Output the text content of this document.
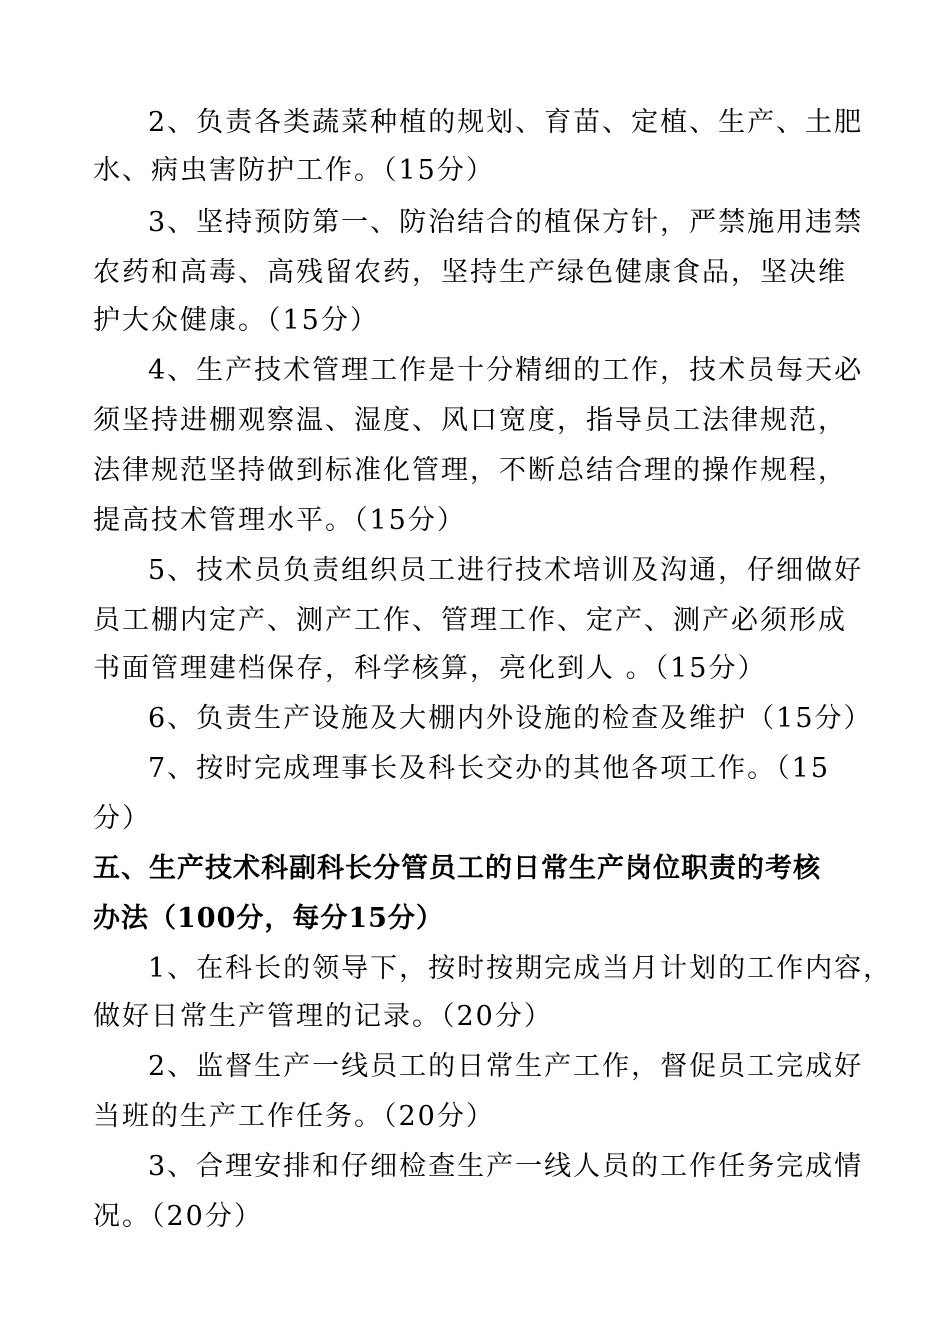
2、负责各类蔬菜种植的规划、育苗、定植、生产、土肥
水、病虫害防护工作。（15分）
3、坚持预防第一、防治结合的植保方针，严禁施用违禁
农药和高毒、高残留农药，坚持生产绿色健康食品，坚决维
护大众健康。（15分）
4、生产技术管理工作是十分精细的工作，技术员每天必
须坚持进棚观察温、湿度、风口宽度，指导员工法律规范，
法律规范坚持做到标准化管理，不断总结合理的操作规程，
提高技术管理水平。（15分）
5、技术员负责组织员工进行技术培训及沟通，仔细做好
员工棚内定产、测产工作、管理工作、定产、测产必须形成
书面管理建档保存，科学核算，亮化到人 。（15分）
6、负责生产设施及大棚内外设施的检查及维护（15分）
7、按时完成理事长及科长交办的其他各项工作。（15
分）
五、生产技术科副科长分管员工的日常生产岗位职责的考核
办法（100分，每分15分）
1、在科长的领导下，按时按期完成当月计划的工作内容，
做好日常生产管理的记录。（20分）
2、监督生产一线员工的日常生产工作，督促员工完成好
当班的生产工作任务。（20分）
3、合理安排和仔细检查生产一线人员的工作任务完成情
况。（20分）
